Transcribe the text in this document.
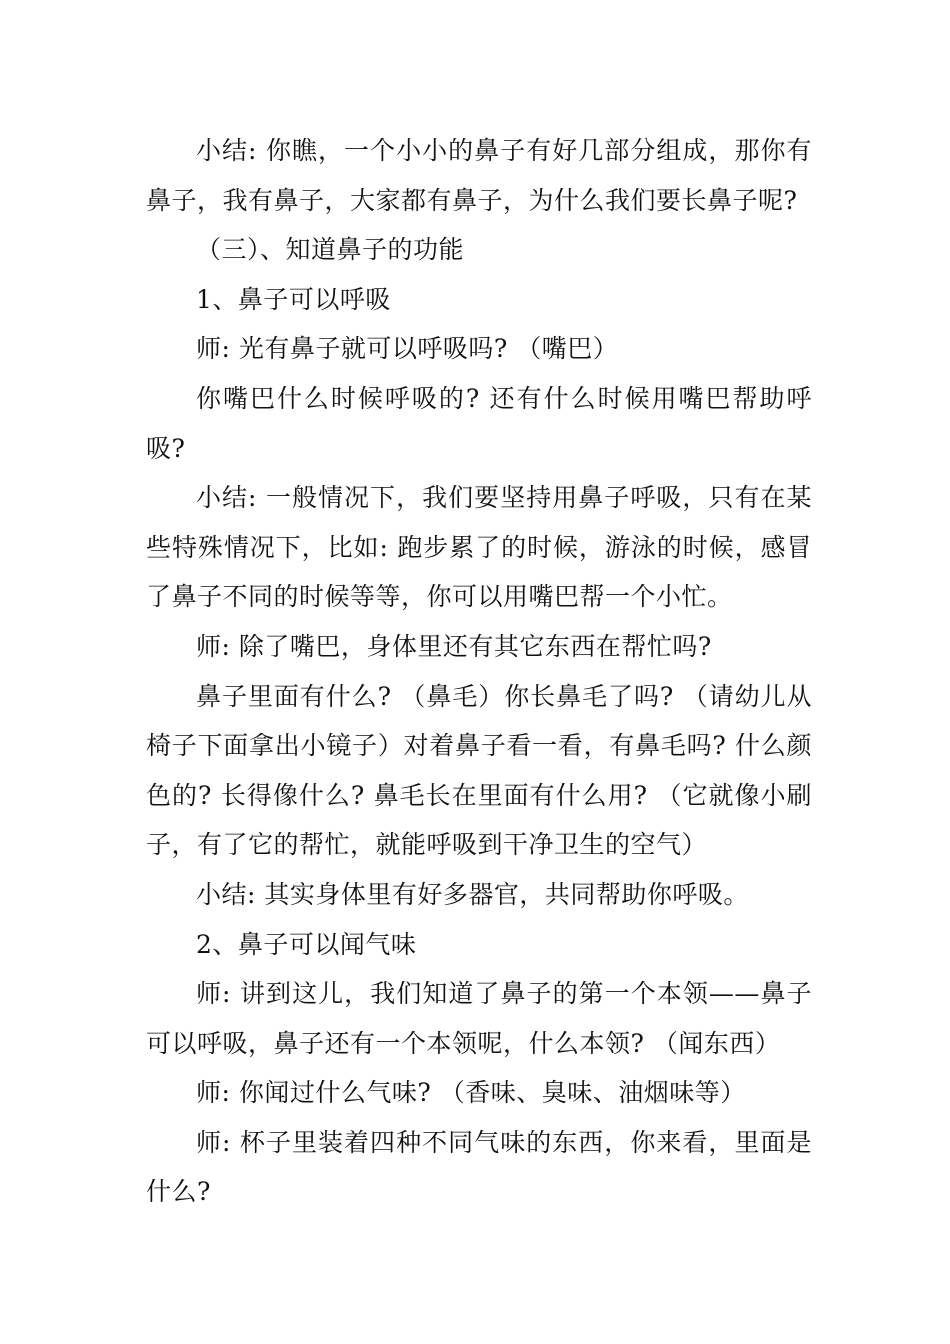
小结: 你瞧，一个小小的鼻子有好几部分组成，那你有鼻子，我有鼻子，大家都有鼻子，为什么我们要长鼻子呢?

（三）、知道鼻子的功能

1、鼻子可以呼吸

师: 光有鼻子就可以呼吸吗? （嘴巴）

你嘴巴什么时候呼吸的? 还有什么时候用嘴巴帮助呼吸?

小结: 一般情况下，我们要坚持用鼻子呼吸，只有在某些特殊情况下，比如: 跑步累了的时候，游泳的时候，感冒了鼻子不同的时候等等，你可以用嘴巴帮一个小忙。

师: 除了嘴巴，身体里还有其它东西在帮忙吗?

鼻子里面有什么? （鼻毛）你长鼻毛了吗? （请幼儿从椅子下面拿出小镜子）对着鼻子看一看，有鼻毛吗? 什么颜色的? 长得像什么? 鼻毛长在里面有什么用? （它就像小刷子，有了它的帮忙，就能呼吸到干净卫生的空气）

小结: 其实身体里有好多器官，共同帮助你呼吸。

2、鼻子可以闻气味

师: 讲到这儿，我们知道了鼻子的第一个本领——鼻子可以呼吸，鼻子还有一个本领呢，什么本领? （闻东西）

师: 你闻过什么气味? （香味、臭味、油烟味等）

师: 杯子里装着四种不同气味的东西，你来看，里面是什么?
